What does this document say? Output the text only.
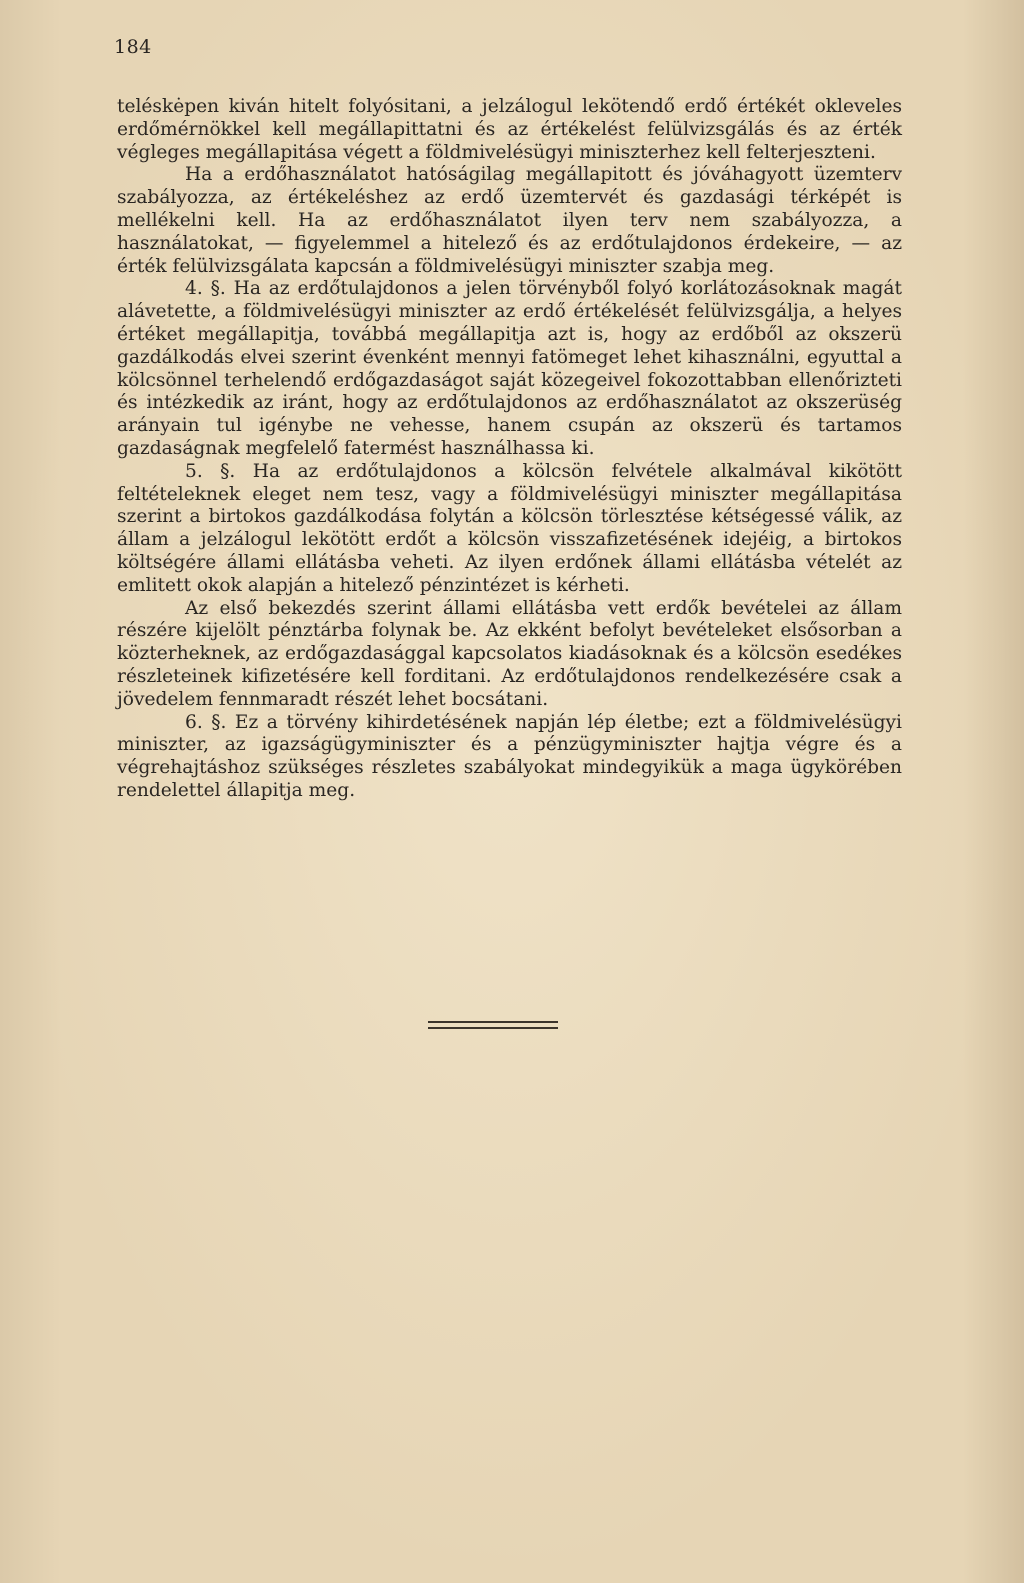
184

teléskėpen kiván hitelt folyósitani, a jelzálogul lekötendő erdő értékét okleveles erdőmérnökkel kell megállapittatni és az értékelést felülvizsgálás és az érték végleges megállapitása végett a földmivelésügyi miniszterhez kell felterjeszteni.

Ha a erdőhasználatot hatóságilag megállapitott és jóváhagyott üzemterv szabályozza, az értékeléshez az erdő üzemtervét és gazdasági térképét is mellékelni kell. Ha az erdőhasználatot ilyen terv nem szabályozza, a használatokat, — figyelemmel a hitelező és az erdőtulajdonos érdekeire, — az érték felülvizsgálata kapcsán a földmivelésügyi miniszter szabja meg.

4. §. Ha az erdőtulajdonos a jelen törvényből folyó korlátozásoknak magát alávetette, a földmivelésügyi miniszter az erdő értékelését felülvizsgálja, a helyes értéket megállapitja, továbbá megállapitja azt is, hogy az erdőből az okszerü gazdálkodás elvei szerint évenként mennyi fatömeget lehet kihasználni, egyuttal a kölcsönnel terhelendő erdőgazdaságot saját közegeivel fokozottabban ellenőrizteti és intézkedik az iránt, hogy az erdőtulajdonos az erdőhasználatot az okszerüség arányain tul igénybe ne vehesse, hanem csupán az okszerü és tartamos gazdaságnak megfelelő fatermést használhassa ki.

5. §. Ha az erdőtulajdonos a kölcsön felvétele alkalmával kikötött feltételeknek eleget nem tesz, vagy a földmivelésügyi miniszter megállapitása szerint a birtokos gazdálkodása folytán a kölcsön törlesztése kétségessé válik, az állam a jelzálogul lekötött erdőt a kölcsön visszafizetésének idejéig, a birtokos költségére állami ellátásba veheti. Az ilyen erdőnek állami ellátásba vételét az emlitett okok alapján a hitelező pénzintézet is kérheti.

Az első bekezdés szerint állami ellátásba vett erdők bevételei az állam részére kijelölt pénztárba folynak be. Az ekként befolyt bevételeket elsősorban a közterheknek, az erdőgazdasággal kapcsolatos kiadásoknak és a kölcsön esedékes részleteinek kifizetésére kell forditani. Az erdőtulajdonos rendelkezésére csak a jövedelem fennmaradt részét lehet bocsátani.

6. §. Ez a törvény kihirdetésének napján lép életbe; ezt a földmivelésügyi miniszter, az igazságügyminiszter és a pénzügyminiszter hajtja végre és a végrehajtáshoz szükséges részletes szabályokat mindegyikük a maga ügykörében rendelettel állapitja meg.
